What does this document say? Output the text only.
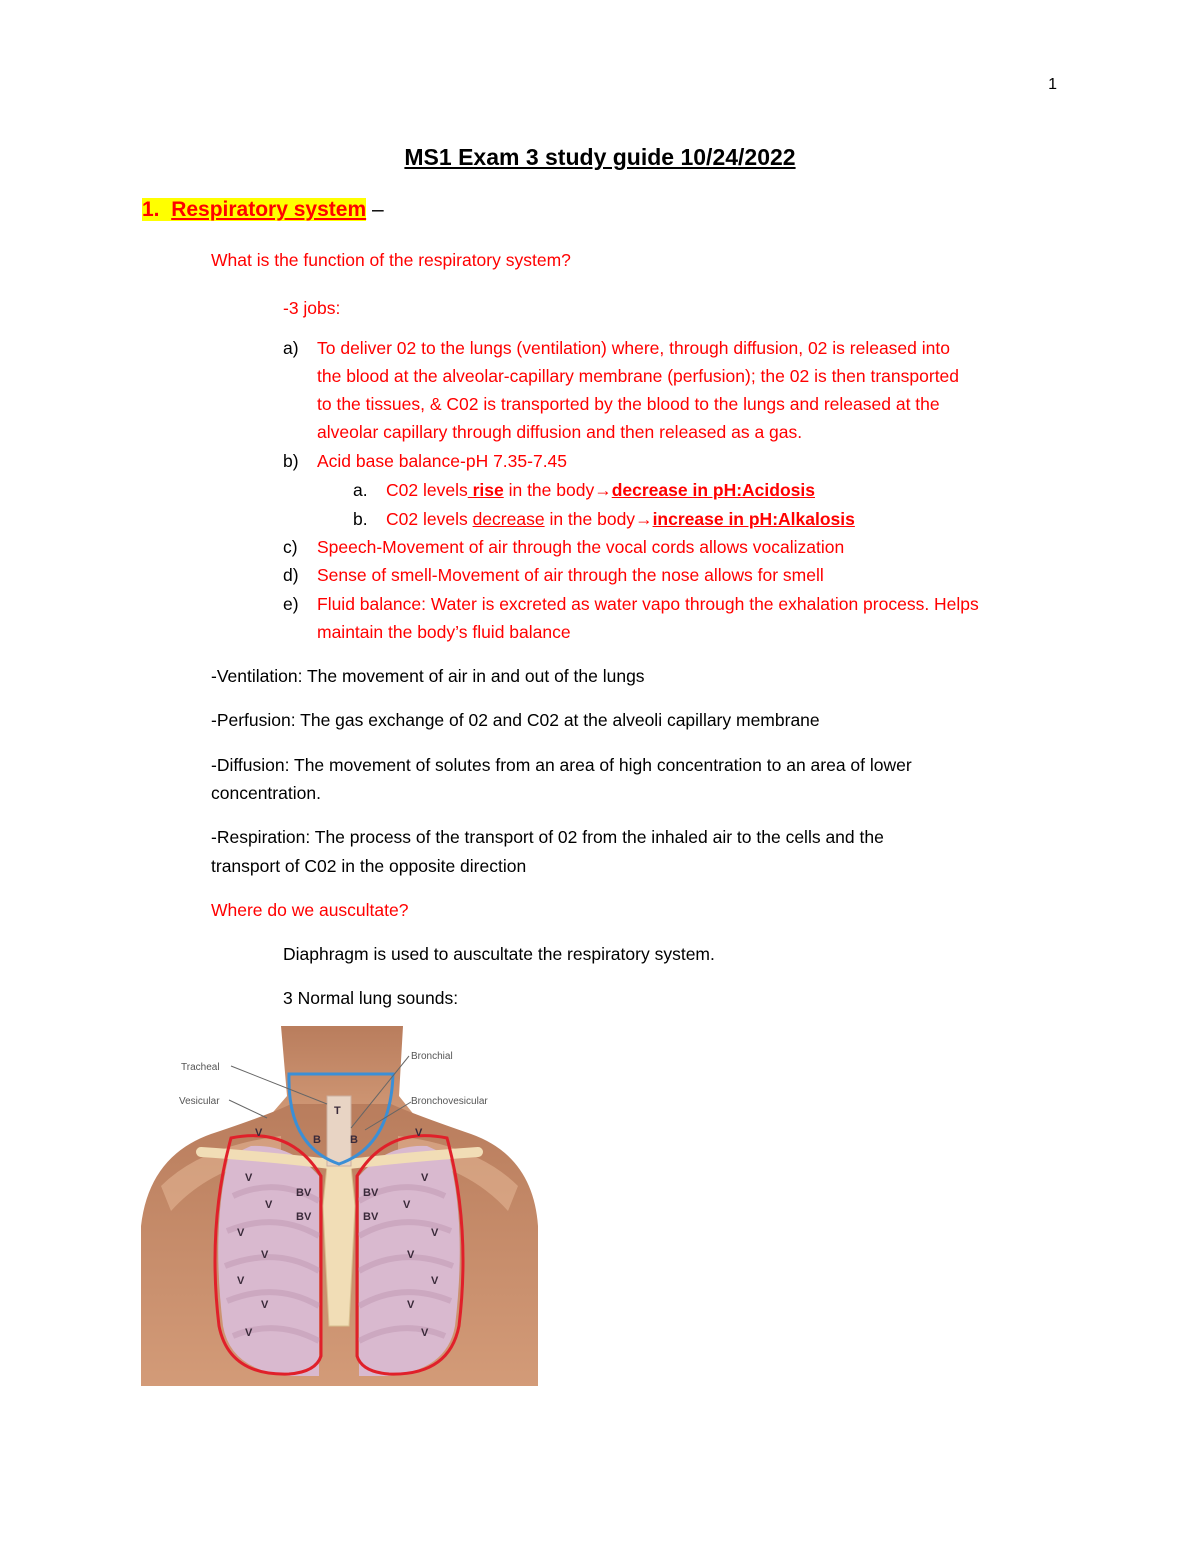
1
MS1 Exam 3 study guide 10/24/2022
1. Respiratory system –
What is the function of the respiratory system?
-3 jobs:
a) To deliver 02 to the lungs (ventilation) where, through diffusion, 02 is released into
the blood at the alveolar-capillary membrane (perfusion); the 02 is then transported
to the tissues, & C02 is transported by the blood to the lungs and released at the
alveolar capillary through diffusion and then released as a gas.
b) Acid base balance-pH 7.35-7.45
a. C02 levels rise in the body→decrease in pH:Acidosis
b. C02 levels decrease in the body→increase in pH:Alkalosis
c) Speech-Movement of air through the vocal cords allows vocalization
d) Sense of smell-Movement of air through the nose allows for smell
e) Fluid balance: Water is excreted as water vapo through the exhalation process. Helps
maintain the body’s fluid balance
-Ventilation: The movement of air in and out of the lungs
-Perfusion: The gas exchange of 02 and C02 at the alveoli capillary membrane
-Diffusion: The movement of solutes from an area of high concentration to an area of lower
concentration.
-Respiration: The process of the transport of 02 from the inhaled air to the cells and the
transport of C02 in the opposite direction
Where do we auscultate?
Diaphragm is used to auscultate the respiratory system.
3 Normal lung sounds:
Tracheal
Vesicular
Bronchial
Bronchovesicular
T
B	B
BV
BV
BV
BV
V	V
V
V
V
V
V
V
V
V
V
V
V
V
V
V
